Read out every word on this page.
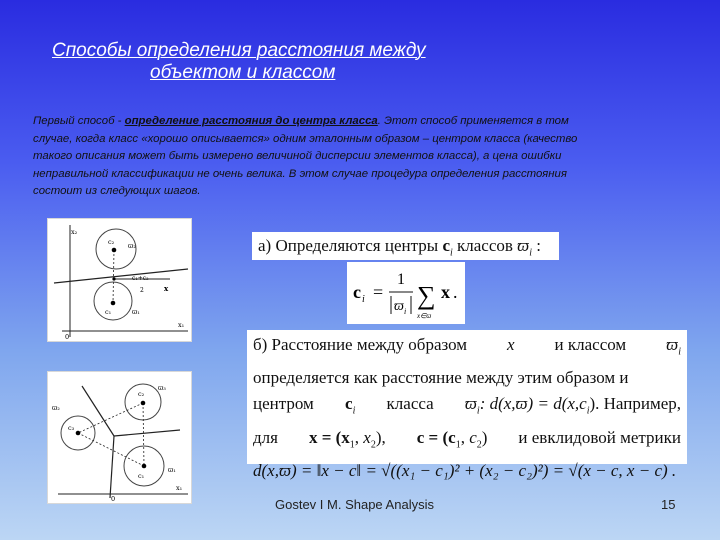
Способы определения расстояния между
объектом и классом
Первый способ - определение расстояния до центра класса. Этот способ применяется в том случае, когда класс «хорошо описывается» одним эталонным образом – центром класса (качество такого описания может быть измерено величиной дисперсии элементов класса), а цена ошибки неправильной классификации не очень велика. В этом случае процедура определения расстояния состоит из следующих шагов.
x₂
c₂ ϖ₂
c₁+c₂
2	x
c₁	ϖ₁
0
x₁
ϖ₂
c₂
c₃
ϖ₃
c₁
ϖ₁
0
x₁
а) Определяются центры $c_i$ классов $ϖ_i$ :
c i =
1
ϖ i
∑
x∈ϖ
x .
б) Расстояние между образом x и классом $ϖ_i$
определяется как расстояние между этим образом и
центром $c_i$ класса $ϖ_i$: $d(x,ϖ) = d(x,c_i)$. Например,
для $x = (x_1$, $x_2$), $c = (c_1$, $c_2$) и евклидовой метрики
d(x,ϖ) = ‖x − c‖ = √((x₁ − c₁)² + (x₂ − c₂)²) = √(x − c, x − c) .
Gostev I M. Shape Analysis	15
